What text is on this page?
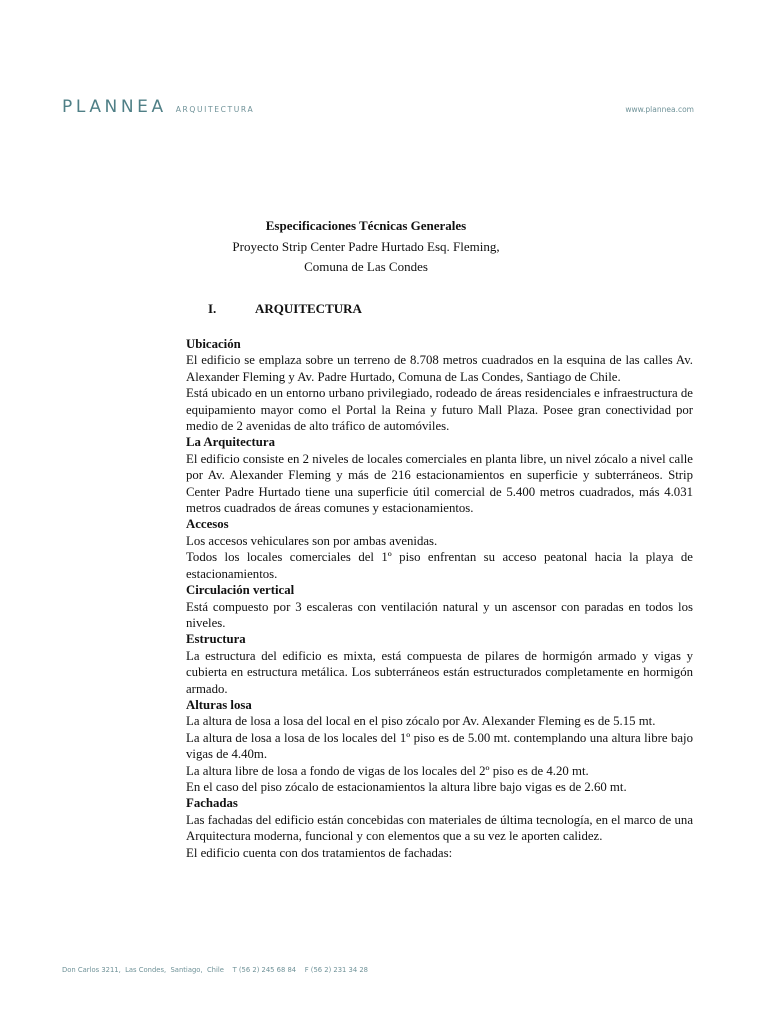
PLANNEA ARQUITECTURA	www.plannea.com
Especificaciones Técnicas Generales
Proyecto Strip Center Padre Hurtado Esq. Fleming,
Comuna de Las Condes
I.	ARQUITECTURA
Ubicación
El edificio se emplaza sobre un terreno de 8.708 metros cuadrados en la esquina de las calles Av. Alexander Fleming y Av. Padre Hurtado, Comuna de Las Condes, Santiago de Chile.
Está ubicado en un entorno urbano privilegiado, rodeado de áreas residenciales e infraestructura de equipamiento mayor como el Portal la Reina y futuro Mall Plaza. Posee gran conectividad por medio de 2 avenidas de alto tráfico de automóviles.
La Arquitectura
El edificio consiste en 2 niveles de locales comerciales en planta libre, un nivel zócalo a nivel calle por Av. Alexander Fleming y más de 216 estacionamientos en superficie y subterráneos. Strip Center Padre Hurtado tiene una superficie útil comercial de 5.400 metros cuadrados, más 4.031 metros cuadrados de áreas comunes y estacionamientos.
Accesos
Los accesos vehiculares son por ambas avenidas.
Todos los locales comerciales del 1º piso enfrentan su acceso peatonal hacia la playa de estacionamientos.
Circulación vertical
Está compuesto por 3 escaleras con ventilación natural y un ascensor con paradas en todos los niveles.
Estructura
La estructura del edificio es mixta, está compuesta de pilares de hormigón armado y vigas y cubierta en estructura metálica. Los subterráneos están estructurados completamente en hormigón armado.
Alturas losa
La altura de losa a losa del local en el piso zócalo por Av. Alexander Fleming es de 5.15 mt.
La altura de losa a losa de los locales del 1º piso es de 5.00 mt. contemplando una altura libre bajo vigas de 4.40m.
La altura libre de losa a fondo de vigas de los locales del 2º piso es de 4.20 mt.
En el caso del piso zócalo de estacionamientos la altura libre bajo vigas es de 2.60 mt.
Fachadas
Las fachadas del edificio están concebidas con materiales de última tecnología, en el marco de una Arquitectura moderna, funcional y con elementos que a su vez le aporten calidez.
El edificio cuenta con dos tratamientos de fachadas:
Don Carlos 3211,  Las Condes,  Santiago,  Chile    T (56 2) 245 68 84    F (56 2) 231 34 28
